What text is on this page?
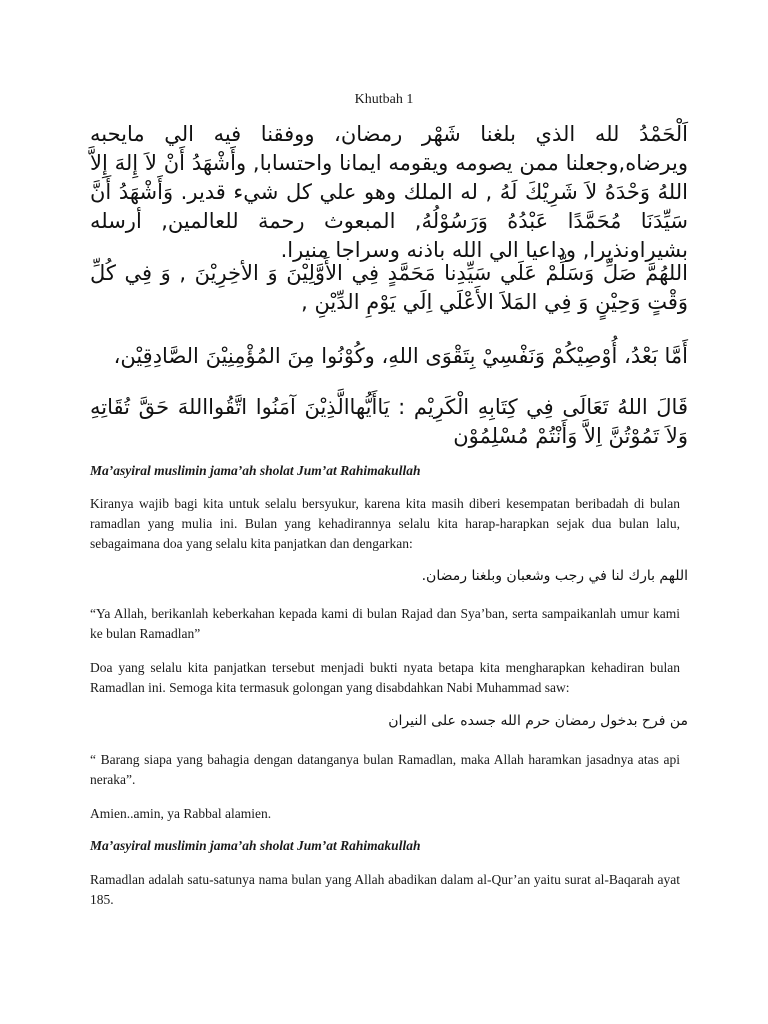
Khutbah 1
اَلْحَمْدُ لله الذي بلغنا شَهْر رمضان، ووفقنا فيه الي مايحبه ويرضاه,وجعلنا ممن يصومه ويقومه ايمانا واحتسابا, وأَشْهَدُ أَنْ لاَ إِلهَ إِلاَّ اللهُ وَحْدَهُ لاَ شَرِيْكَ لَهُ , له الملك وهو علي كل شيء قدير. وَأَشْهَدُ أَنَّ سَيِّدَنَا مُحَمَّدًا عَبْدُهُ وَرَسُوْلُهُ, المبعوث رحمة للعالمين, أرسله بشيراونذيرا, وداعيا الي الله باذنه وسراجا منيرا.
اللهُمَّ صَلِّ وَسَلِّمْ عَلَي سَيِّدِنا مَحَمَّدٍ فِي الأَوَّلِيْنَ وَ الأخِرِيْنَ , وَ فِي كُلِّ وَقْتٍ وَحِيْنٍ وَ فِي المَلاَ الأَعْلَي اِلَي يَوْمِ الدِّيْنِ ,
أَمَّا بَعْدُ، أُوْصِيْكُمْ وَنَفْسِيْ بِتَقْوَى اللهِ، وكُوْنُوا مِنَ المُؤْمِنِيْنَ الصَّادِقِيْن،
قَالَ اللهُ تَعَالَى فِي كِتَابِهِ الْكَرِيْم : يَاأَيُّهاالَّذِيْنَ آمَنُوا اتَّقُوااللهَ حَقَّ تُقَاتِهِ وَلاَ تَمُوْتُنَّ اِلاَّ وَأَنْتُمْ مُسْلِمُوْن
Ma’asyiral muslimin jama’ah sholat Jum’at Rahimakullah
Kiranya wajib bagi kita untuk selalu bersyukur, karena kita masih diberi kesempatan beribadah di bulan ramadlan yang mulia ini. Bulan yang kehadirannya selalu kita harap-harapkan sejak dua bulan lalu, sebagaimana doa yang selalu kita panjatkan dan dengarkan:
اللهم بارك لنا في رجب وشعبان وبلغنا رمضان.
“Ya Allah, berikanlah keberkahan kepada kami di bulan Rajad dan Sya’ban, serta sampaikanlah umur kami ke bulan Ramadlan”
Doa yang selalu kita panjatkan tersebut menjadi bukti nyata betapa kita mengharapkan kehadiran bulan Ramadlan ini. Semoga kita termasuk golongan yang disabdahkan Nabi Muhammad saw:
من فرح بدخول رمضان حرم الله جسده على النيران
“ Barang siapa yang bahagia dengan datanganya bulan Ramadlan, maka Allah haramkan jasadnya atas api neraka”.
Amien..amin, ya Rabbal alamien.
Ma’asyiral muslimin jama’ah sholat Jum’at Rahimakullah
Ramadlan adalah satu-satunya nama bulan yang Allah abadikan dalam al-Qur’an yaitu surat al-Baqarah ayat 185.
